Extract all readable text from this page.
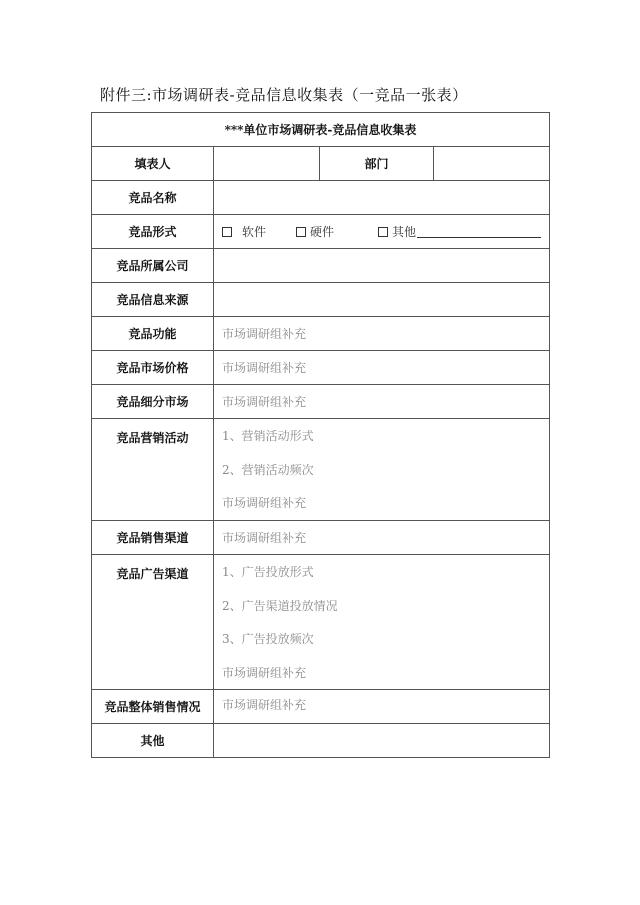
附件三:市场调研表-竞品信息收集表（一竞品一张表）
***单位市场调研表-竞品信息收集表			
填表人		部门	
竞品名称			
竞品形式	软件 硬件 其他		

竞品所属公司			
竞品信息来源			
竞品功能	市场调研组补充		
竞品市场价格	市场调研组补充		
竞品细分市场	市场调研组补充		
竞品营销活动	1、营销活动形式
2、营销活动频次
市场调研组补充		

竞品销售渠道	市场调研组补充		
竞品广告渠道	1、广告投放形式
2、广告渠道投放情况
3、广告投放频次
市场调研组补充		

竞品整体销售情况	市场调研组补充		
其他			
